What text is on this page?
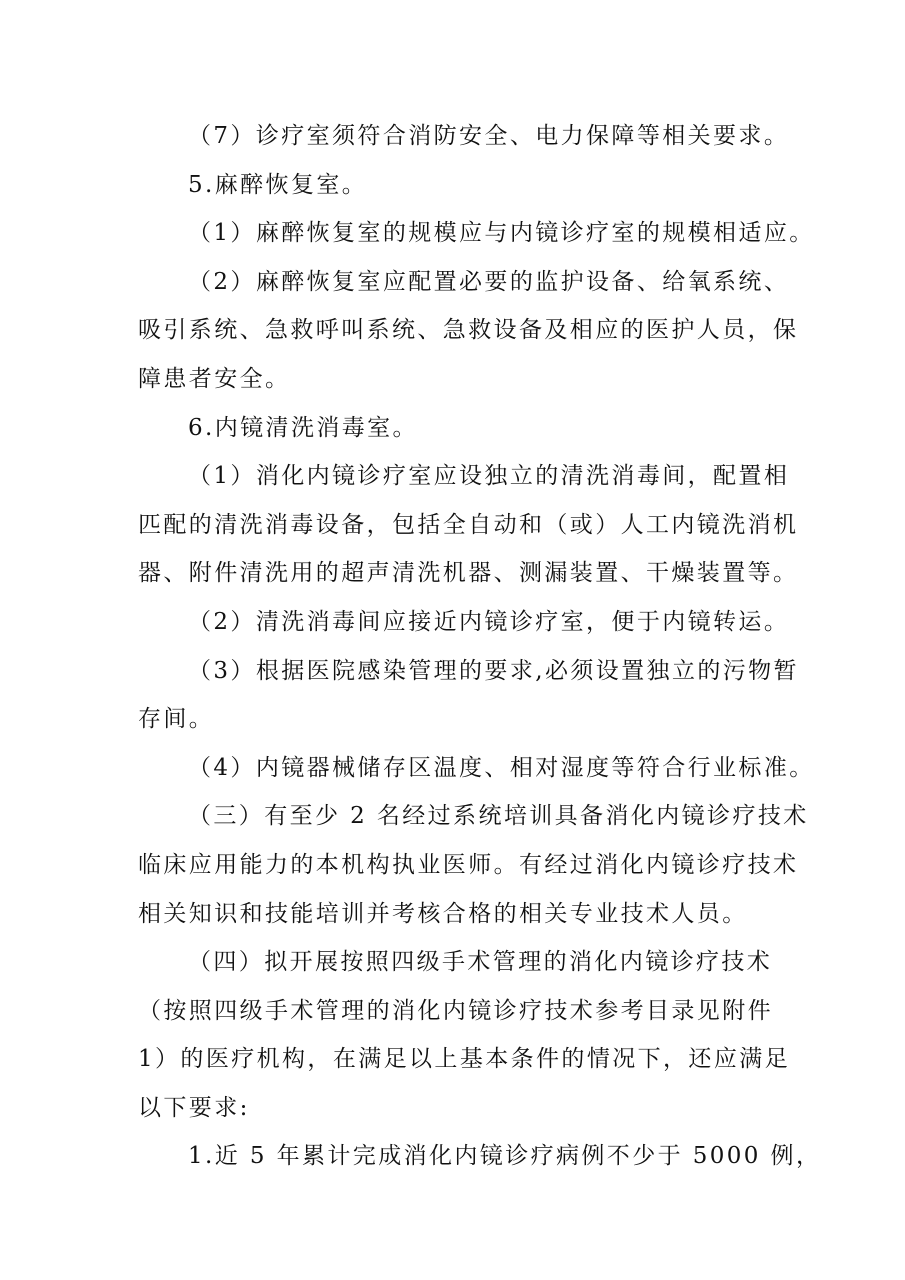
（7）诊疗室须符合消防安全、电力保障等相关要求。
5.麻醉恢复室。
（1）麻醉恢复室的规模应与内镜诊疗室的规模相适应。
（2）麻醉恢复室应配置必要的监护设备、给氧系统、
吸引系统、急救呼叫系统、急救设备及相应的医护人员，保
障患者安全。
6.内镜清洗消毒室。
（1）消化内镜诊疗室应设独立的清洗消毒间，配置相
匹配的清洗消毒设备，包括全自动和（或）人工内镜洗消机
器、附件清洗用的超声清洗机器、测漏装置、干燥装置等。
（2）清洗消毒间应接近内镜诊疗室，便于内镜转运。
（3）根据医院感染管理的要求,必须设置独立的污物暂
存间。
（4）内镜器械储存区温度、相对湿度等符合行业标准。
（三）有至少 2 名经过系统培训具备消化内镜诊疗技术
临床应用能力的本机构执业医师。有经过消化内镜诊疗技术
相关知识和技能培训并考核合格的相关专业技术人员。
（四）拟开展按照四级手术管理的消化内镜诊疗技术
（按照四级手术管理的消化内镜诊疗技术参考目录见附件
1）的医疗机构，在满足以上基本条件的情况下，还应满足
以下要求:
1.近 5 年累计完成消化内镜诊疗病例不少于 5000 例，
